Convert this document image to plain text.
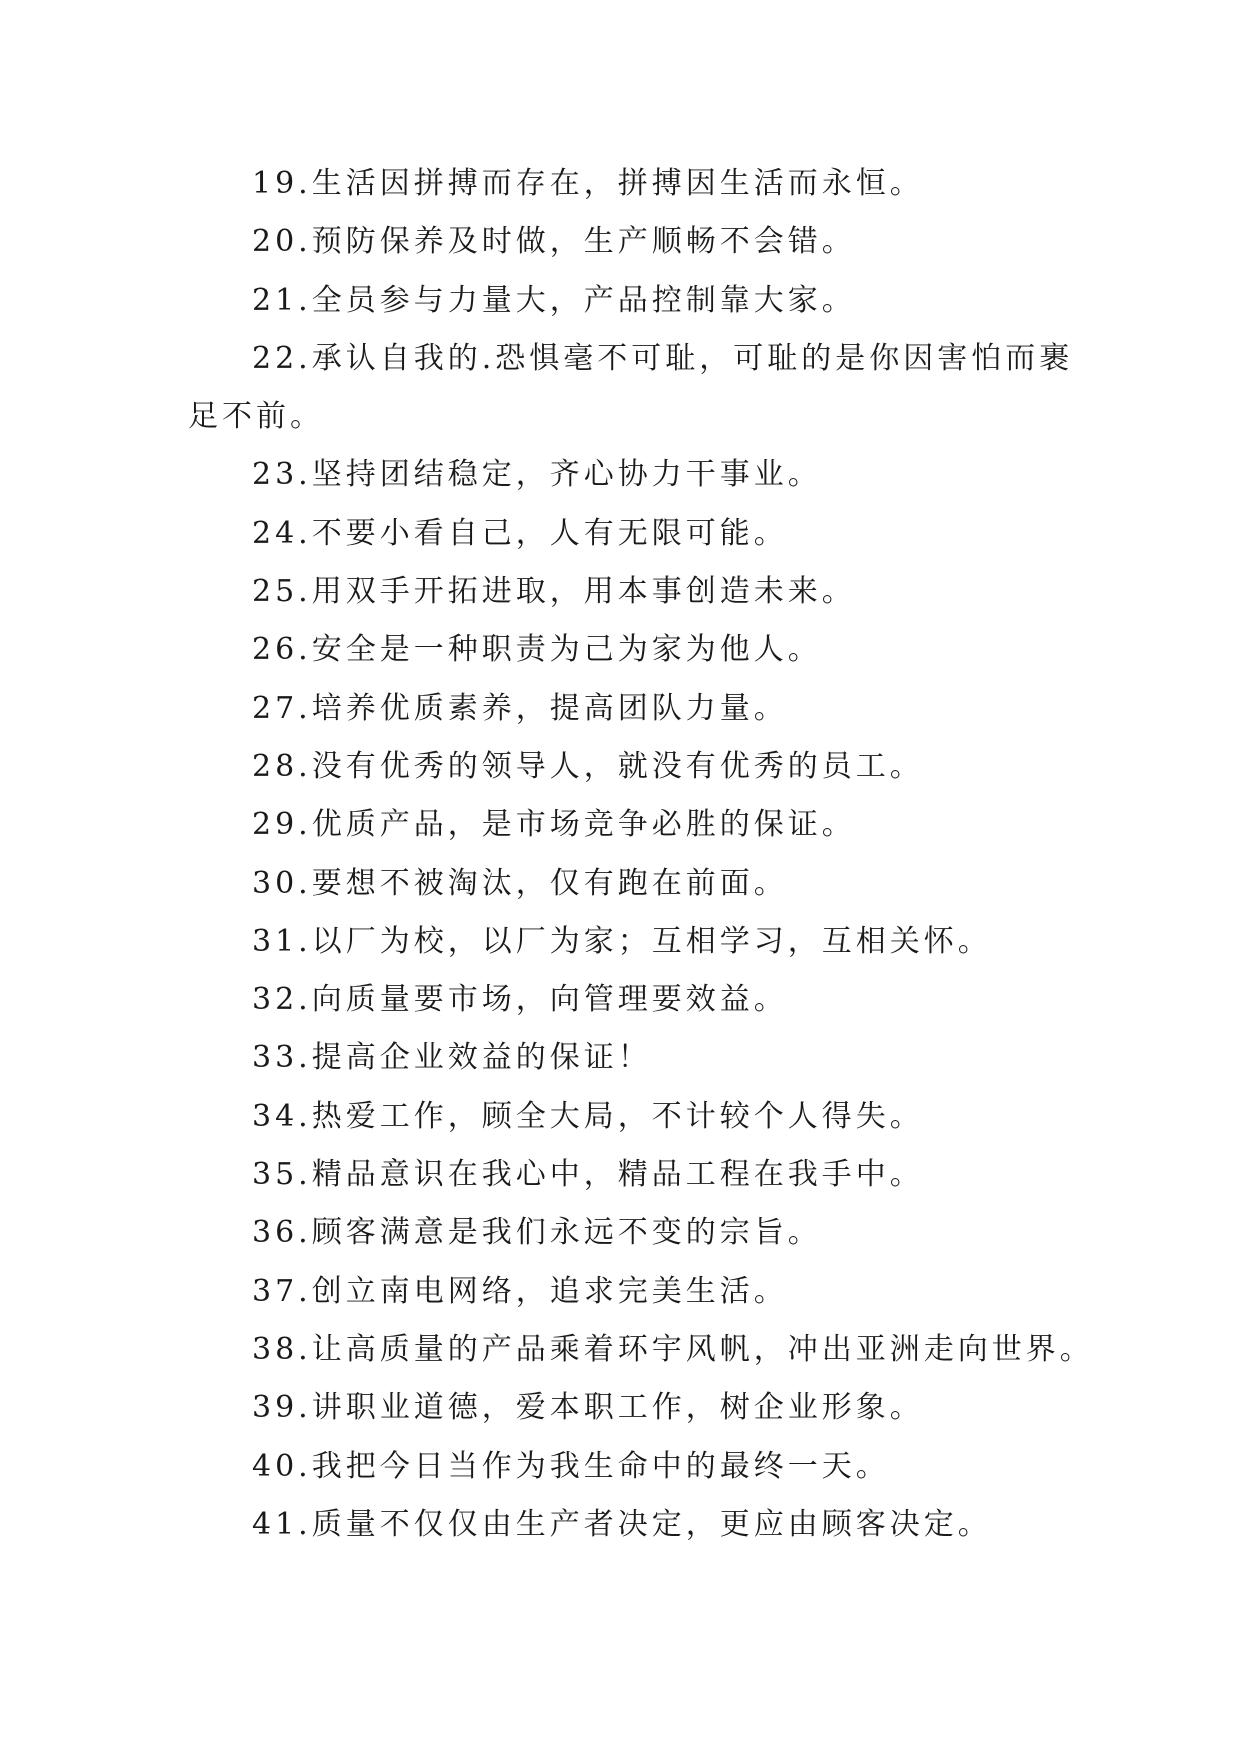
19.生活因拼搏而存在，拼搏因生活而永恒。
20.预防保养及时做，生产顺畅不会错。
21.全员参与力量大，产品控制靠大家。
22.承认自我的.恐惧毫不可耻，可耻的是你因害怕而裹
足不前。
23.坚持团结稳定，齐心协力干事业。
24.不要小看自己，人有无限可能。
25.用双手开拓进取，用本事创造未来。
26.安全是一种职责为己为家为他人。
27.培养优质素养，提高团队力量。
28.没有优秀的领导人，就没有优秀的员工。
29.优质产品，是市场竞争必胜的保证。
30.要想不被淘汰，仅有跑在前面。
31.以厂为校，以厂为家；互相学习，互相关怀。
32.向质量要市场，向管理要效益。
33.提高企业效益的保证！
34.热爱工作，顾全大局，不计较个人得失。
35.精品意识在我心中，精品工程在我手中。
36.顾客满意是我们永远不变的宗旨。
37.创立南电网络，追求完美生活。
38.让高质量的产品乘着环宇风帆，冲出亚洲走向世界。
39.讲职业道德，爱本职工作，树企业形象。
40.我把今日当作为我生命中的最终一天。
41.质量不仅仅由生产者决定，更应由顾客决定。
